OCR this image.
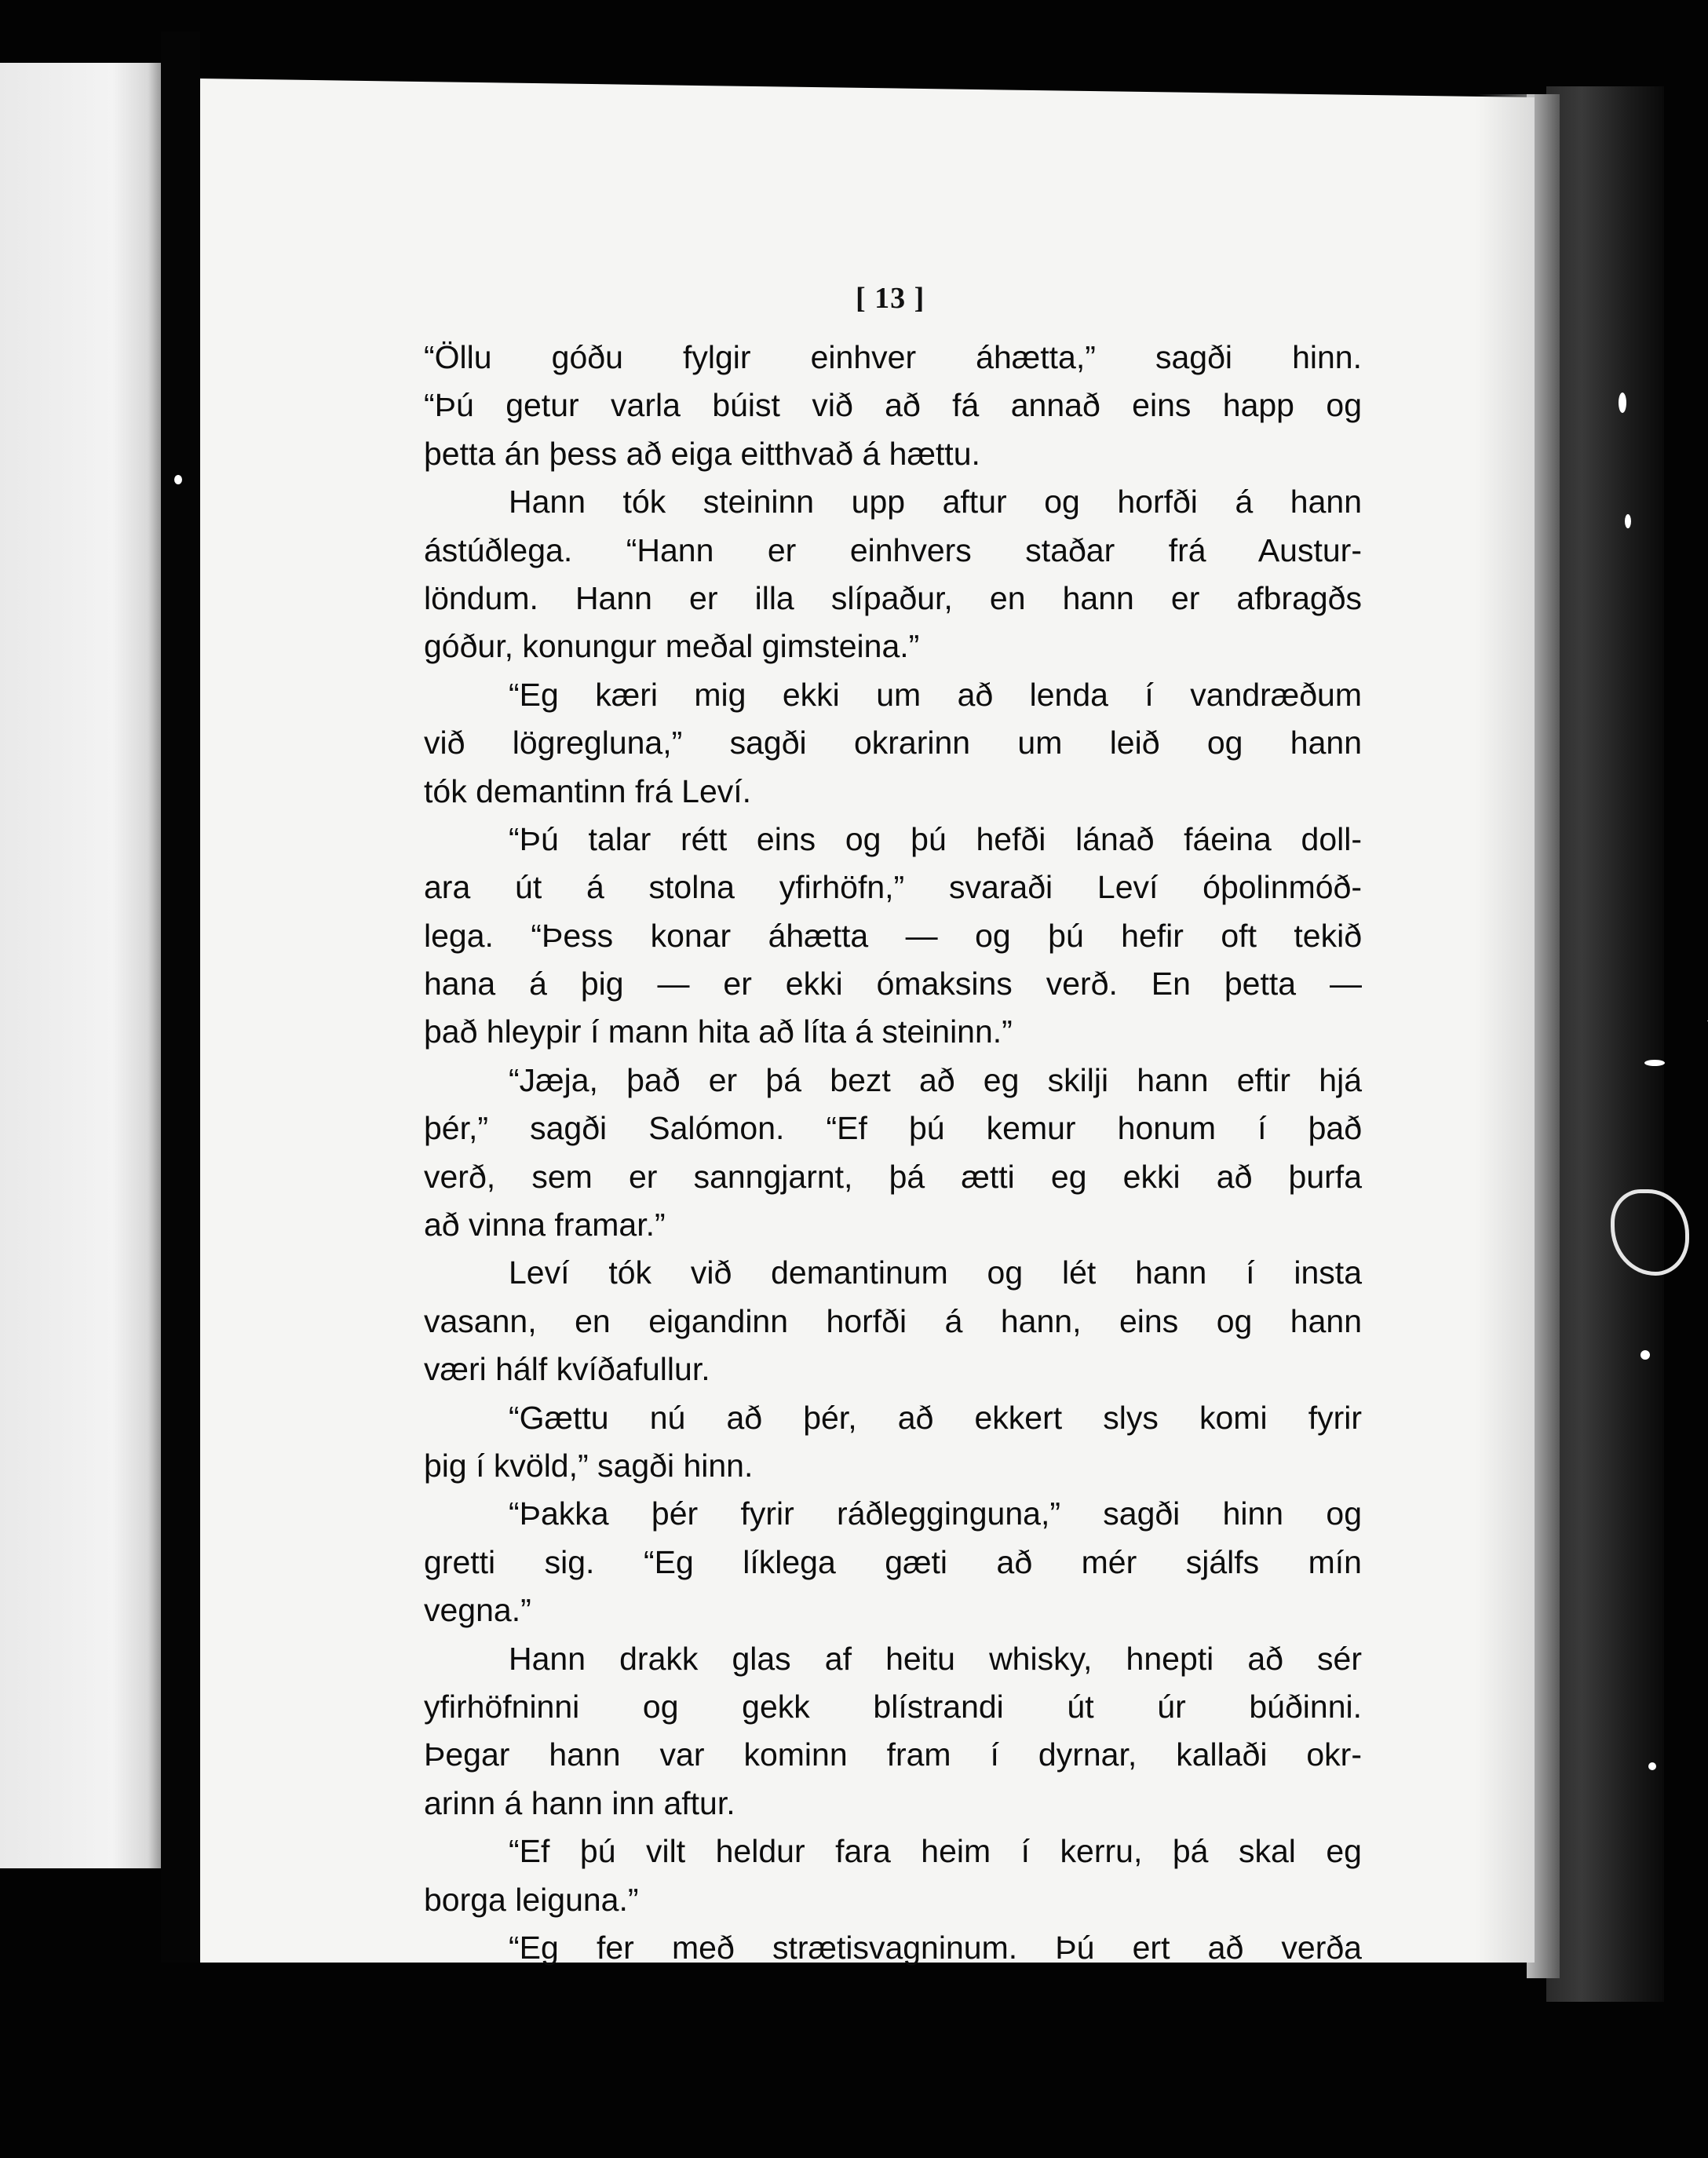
[ 13 ]
“Öllu góðu fylgir einhver áhætta,” sagði hinn.
“Þú getur varla búist við að fá annað eins happ og
þetta án þess að eiga eitthvað á hættu.
Hann tók steininn upp aftur og horfði á hann
ástúðlega. “Hann er einhvers staðar frá Austur-
löndum. Hann er illa slípaður, en hann er afbragðs
góður, konungur meðal gimsteina.”
“Eg kæri mig ekki um að lenda í vandræðum
við lögregluna,” sagði okrarinn um leið og hann
tók demantinn frá Leví.
“Þú talar rétt eins og þú hefði lánað fáeina doll-
ara út á stolna yfirhöfn,” svaraði Leví óþolinmóð-
lega. “Þess konar áhætta — og þú hefir oft tekið
hana á þig — er ekki ómaksins verð. En þetta —
það hleypir í mann hita að líta á steininn.”
“Jæja, það er þá bezt að eg skilji hann eftir hjá
þér,” sagði Salómon. “Ef þú kemur honum í það
verð, sem er sanngjarnt, þá ætti eg ekki að þurfa
að vinna framar.”
Leví tók við demantinum og lét hann í insta
vasann, en eigandinn horfði á hann, eins og hann
væri hálf kvíðafullur.
“Gættu nú að þér, að ekkert slys komi fyrir
þig í kvöld,” sagði hinn.
“Þakka þér fyrir ráðlegginguna,” sagði hinn og
gretti sig. “Eg líklega gæti að mér sjálfs mín
vegna.”
Hann drakk glas af heitu whisky, hnepti að sér
yfirhöfninni og gekk blístrandi út úr búðinni.
Þegar hann var kominn fram í dyrnar, kallaði okr-
arinn á hann inn aftur.
“Ef þú vilt heldur fara heim í kerru, þá skal eg
borga leiguna.”
“Eg fer með strætisvagninum. Þú ert að verða
